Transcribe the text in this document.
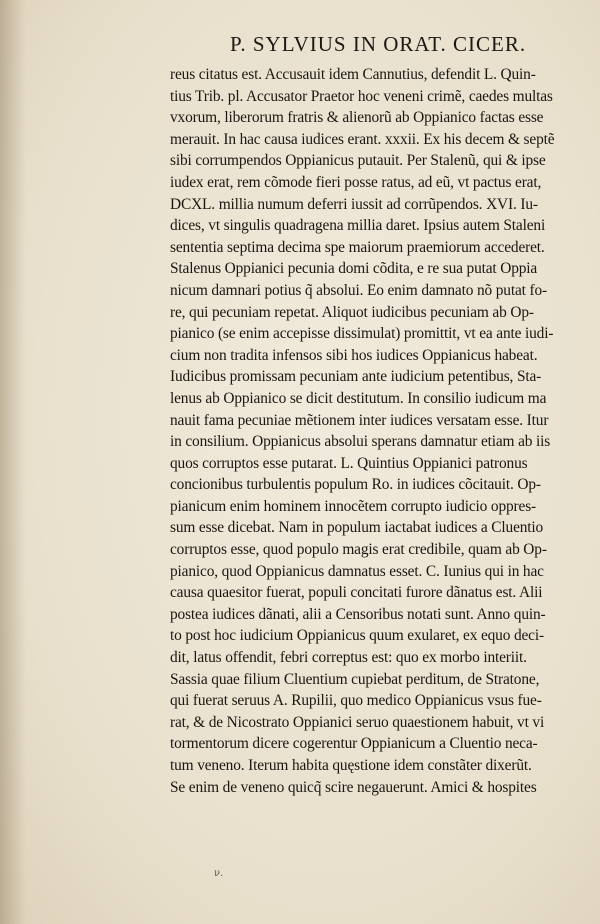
P. SYLVIUS IN ORAT. CICER.
reus citatus est. Accusauit idem Cannutius, defendit L. Quin-
tius Trib. pl. Accusator Praetor hoc veneni crimẽ, caedes multas
vxorum, liberorum fratris & alienorũ ab Oppianico factas esse
merauit. In hac causa iudices erant. xxxii. Ex his decem & septẽ
sibi corrumpendos Oppianicus putauit. Per Stalenũ, qui & ipse
iudex erat, rem cõmode fieri posse ratus, ad eũ, vt pactus erat,
DCXL. millia numum deferri iussit ad corrũpendos. XVI. Iu-
dices, vt singulis quadragena millia daret. Ipsius autem Staleni
sententia septima decima spe maiorum praemiorum accederet.
Stalenus Oppianici pecunia domi cõdita, e re sua putat Oppia
nicum damnari potius q̃ absolui. Eo enim damnato nõ putat fo-
re, qui pecuniam repetat. Aliquot iudicibus pecuniam ab Op-
pianico (se enim accepisse dissimulat) promittit, vt ea ante iudi-
cium non tradita infensos sibi hos iudices Oppianicus habeat.
Iudicibus promissam pecuniam ante iudicium petentibus, Sta-
lenus ab Oppianico se dicit destitutum. In consilio iudicum ma
nauit fama pecuniae mẽtionem inter iudices versatam esse. Itur
in consilium. Oppianicus absolui sperans damnatur etiam ab iis
quos corruptos esse putarat. L. Quintius Oppianici patronus
concionibus turbulentis populum Ro. in iudices cõcitauit. Op-
pianicum enim hominem innocẽtem corrupto iudicio oppres-
sum esse dicebat. Nam in populum iactabat iudices a Cluentio
corruptos esse, quod populo magis erat credibile, quam ab Op-
pianico, quod Oppianicus damnatus esset. C. Iunius qui in hac
causa quaesitor fuerat, populi concitati furore dãnatus est. Alii
postea iudices dãnati, alii a Censoribus notati sunt. Anno quin-
to post hoc iudicium Oppianicus quum exularet, ex equo deci-
dit, latus offendit, febri correptus est: quo ex morbo interiit.
Sassia quae filium Cluentium cupiebat perditum, de Stratone,
qui fuerat seruus A. Rupilii, quo medico Oppianicus vsus fue-
rat, & de Nicostrato Oppianici seruo quaestionem habuit, vt vi
tormentorum dicere cogerentur Oppianicum a Cluentio neca-
tum veneno. Iterum habita quęstione idem constãter dixerũt.
Se enim de veneno quicq̃ scire negauerunt. Amici & hospites
ν.
